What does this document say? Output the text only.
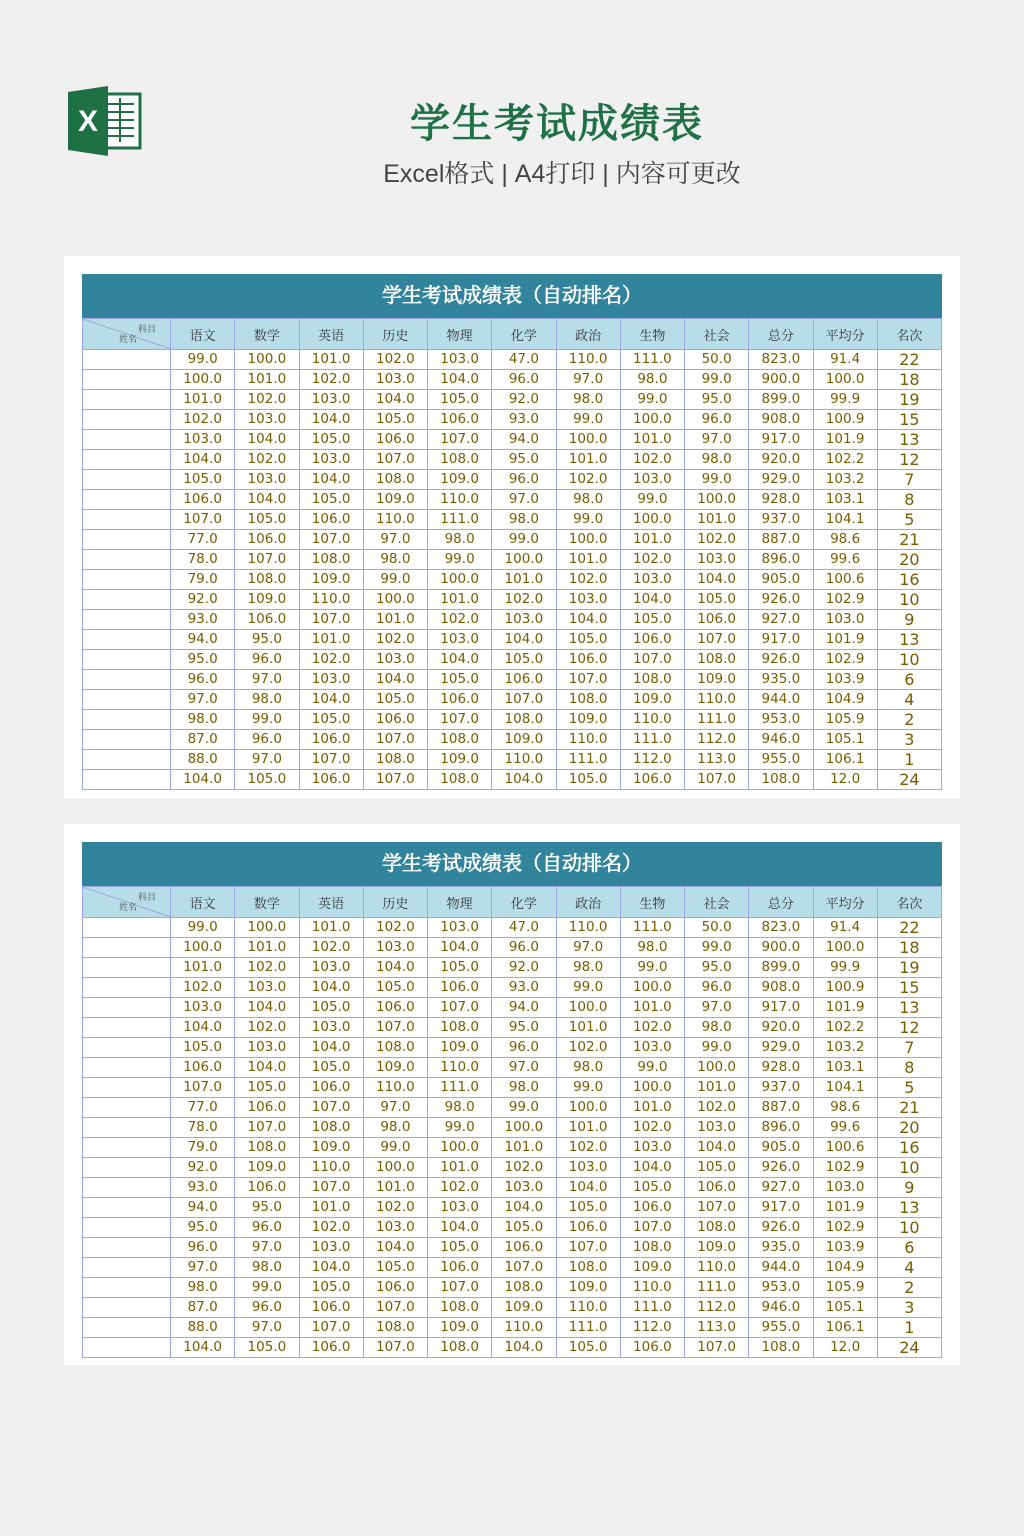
X	学生考试成绩表
Excel格式 | A4打印 | 内容可更改
学生考试成绩表（自动排名）
科目
姓名	语文	数学	英语	历史	物理	化学	政治	生物	社会	总分	平均分	名次
	99.0	100.0	101.0	102.0	103.0	47.0	110.0	111.0	50.0	823.0	91.4	22
	100.0	101.0	102.0	103.0	104.0	96.0	97.0	98.0	99.0	900.0	100.0	18
	101.0	102.0	103.0	104.0	105.0	92.0	98.0	99.0	95.0	899.0	99.9	19
	102.0	103.0	104.0	105.0	106.0	93.0	99.0	100.0	96.0	908.0	100.9	15
	103.0	104.0	105.0	106.0	107.0	94.0	100.0	101.0	97.0	917.0	101.9	13
	104.0	102.0	103.0	107.0	108.0	95.0	101.0	102.0	98.0	920.0	102.2	12
	105.0	103.0	104.0	108.0	109.0	96.0	102.0	103.0	99.0	929.0	103.2	7
	106.0	104.0	105.0	109.0	110.0	97.0	98.0	99.0	100.0	928.0	103.1	8
	107.0	105.0	106.0	110.0	111.0	98.0	99.0	100.0	101.0	937.0	104.1	5
	77.0	106.0	107.0	97.0	98.0	99.0	100.0	101.0	102.0	887.0	98.6	21
	78.0	107.0	108.0	98.0	99.0	100.0	101.0	102.0	103.0	896.0	99.6	20
	79.0	108.0	109.0	99.0	100.0	101.0	102.0	103.0	104.0	905.0	100.6	16
	92.0	109.0	110.0	100.0	101.0	102.0	103.0	104.0	105.0	926.0	102.9	10
	93.0	106.0	107.0	101.0	102.0	103.0	104.0	105.0	106.0	927.0	103.0	9
	94.0	95.0	101.0	102.0	103.0	104.0	105.0	106.0	107.0	917.0	101.9	13
	95.0	96.0	102.0	103.0	104.0	105.0	106.0	107.0	108.0	926.0	102.9	10
	96.0	97.0	103.0	104.0	105.0	106.0	107.0	108.0	109.0	935.0	103.9	6
	97.0	98.0	104.0	105.0	106.0	107.0	108.0	109.0	110.0	944.0	104.9	4
	98.0	99.0	105.0	106.0	107.0	108.0	109.0	110.0	111.0	953.0	105.9	2
	87.0	96.0	106.0	107.0	108.0	109.0	110.0	111.0	112.0	946.0	105.1	3
	88.0	97.0	107.0	108.0	109.0	110.0	111.0	112.0	113.0	955.0	106.1	1
	104.0	105.0	106.0	107.0	108.0	104.0	105.0	106.0	107.0	108.0	12.0	24
学生考试成绩表（自动排名）
科目
姓名	语文	数学	英语	历史	物理	化学	政治	生物	社会	总分	平均分	名次
	99.0	100.0	101.0	102.0	103.0	47.0	110.0	111.0	50.0	823.0	91.4	22
	100.0	101.0	102.0	103.0	104.0	96.0	97.0	98.0	99.0	900.0	100.0	18
	101.0	102.0	103.0	104.0	105.0	92.0	98.0	99.0	95.0	899.0	99.9	19
	102.0	103.0	104.0	105.0	106.0	93.0	99.0	100.0	96.0	908.0	100.9	15
	103.0	104.0	105.0	106.0	107.0	94.0	100.0	101.0	97.0	917.0	101.9	13
	104.0	102.0	103.0	107.0	108.0	95.0	101.0	102.0	98.0	920.0	102.2	12
	105.0	103.0	104.0	108.0	109.0	96.0	102.0	103.0	99.0	929.0	103.2	7
	106.0	104.0	105.0	109.0	110.0	97.0	98.0	99.0	100.0	928.0	103.1	8
	107.0	105.0	106.0	110.0	111.0	98.0	99.0	100.0	101.0	937.0	104.1	5
	77.0	106.0	107.0	97.0	98.0	99.0	100.0	101.0	102.0	887.0	98.6	21
	78.0	107.0	108.0	98.0	99.0	100.0	101.0	102.0	103.0	896.0	99.6	20
	79.0	108.0	109.0	99.0	100.0	101.0	102.0	103.0	104.0	905.0	100.6	16
	92.0	109.0	110.0	100.0	101.0	102.0	103.0	104.0	105.0	926.0	102.9	10
	93.0	106.0	107.0	101.0	102.0	103.0	104.0	105.0	106.0	927.0	103.0	9
	94.0	95.0	101.0	102.0	103.0	104.0	105.0	106.0	107.0	917.0	101.9	13
	95.0	96.0	102.0	103.0	104.0	105.0	106.0	107.0	108.0	926.0	102.9	10
	96.0	97.0	103.0	104.0	105.0	106.0	107.0	108.0	109.0	935.0	103.9	6
	97.0	98.0	104.0	105.0	106.0	107.0	108.0	109.0	110.0	944.0	104.9	4
	98.0	99.0	105.0	106.0	107.0	108.0	109.0	110.0	111.0	953.0	105.9	2
	87.0	96.0	106.0	107.0	108.0	109.0	110.0	111.0	112.0	946.0	105.1	3
	88.0	97.0	107.0	108.0	109.0	110.0	111.0	112.0	113.0	955.0	106.1	1
	104.0	105.0	106.0	107.0	108.0	104.0	105.0	106.0	107.0	108.0	12.0	24
